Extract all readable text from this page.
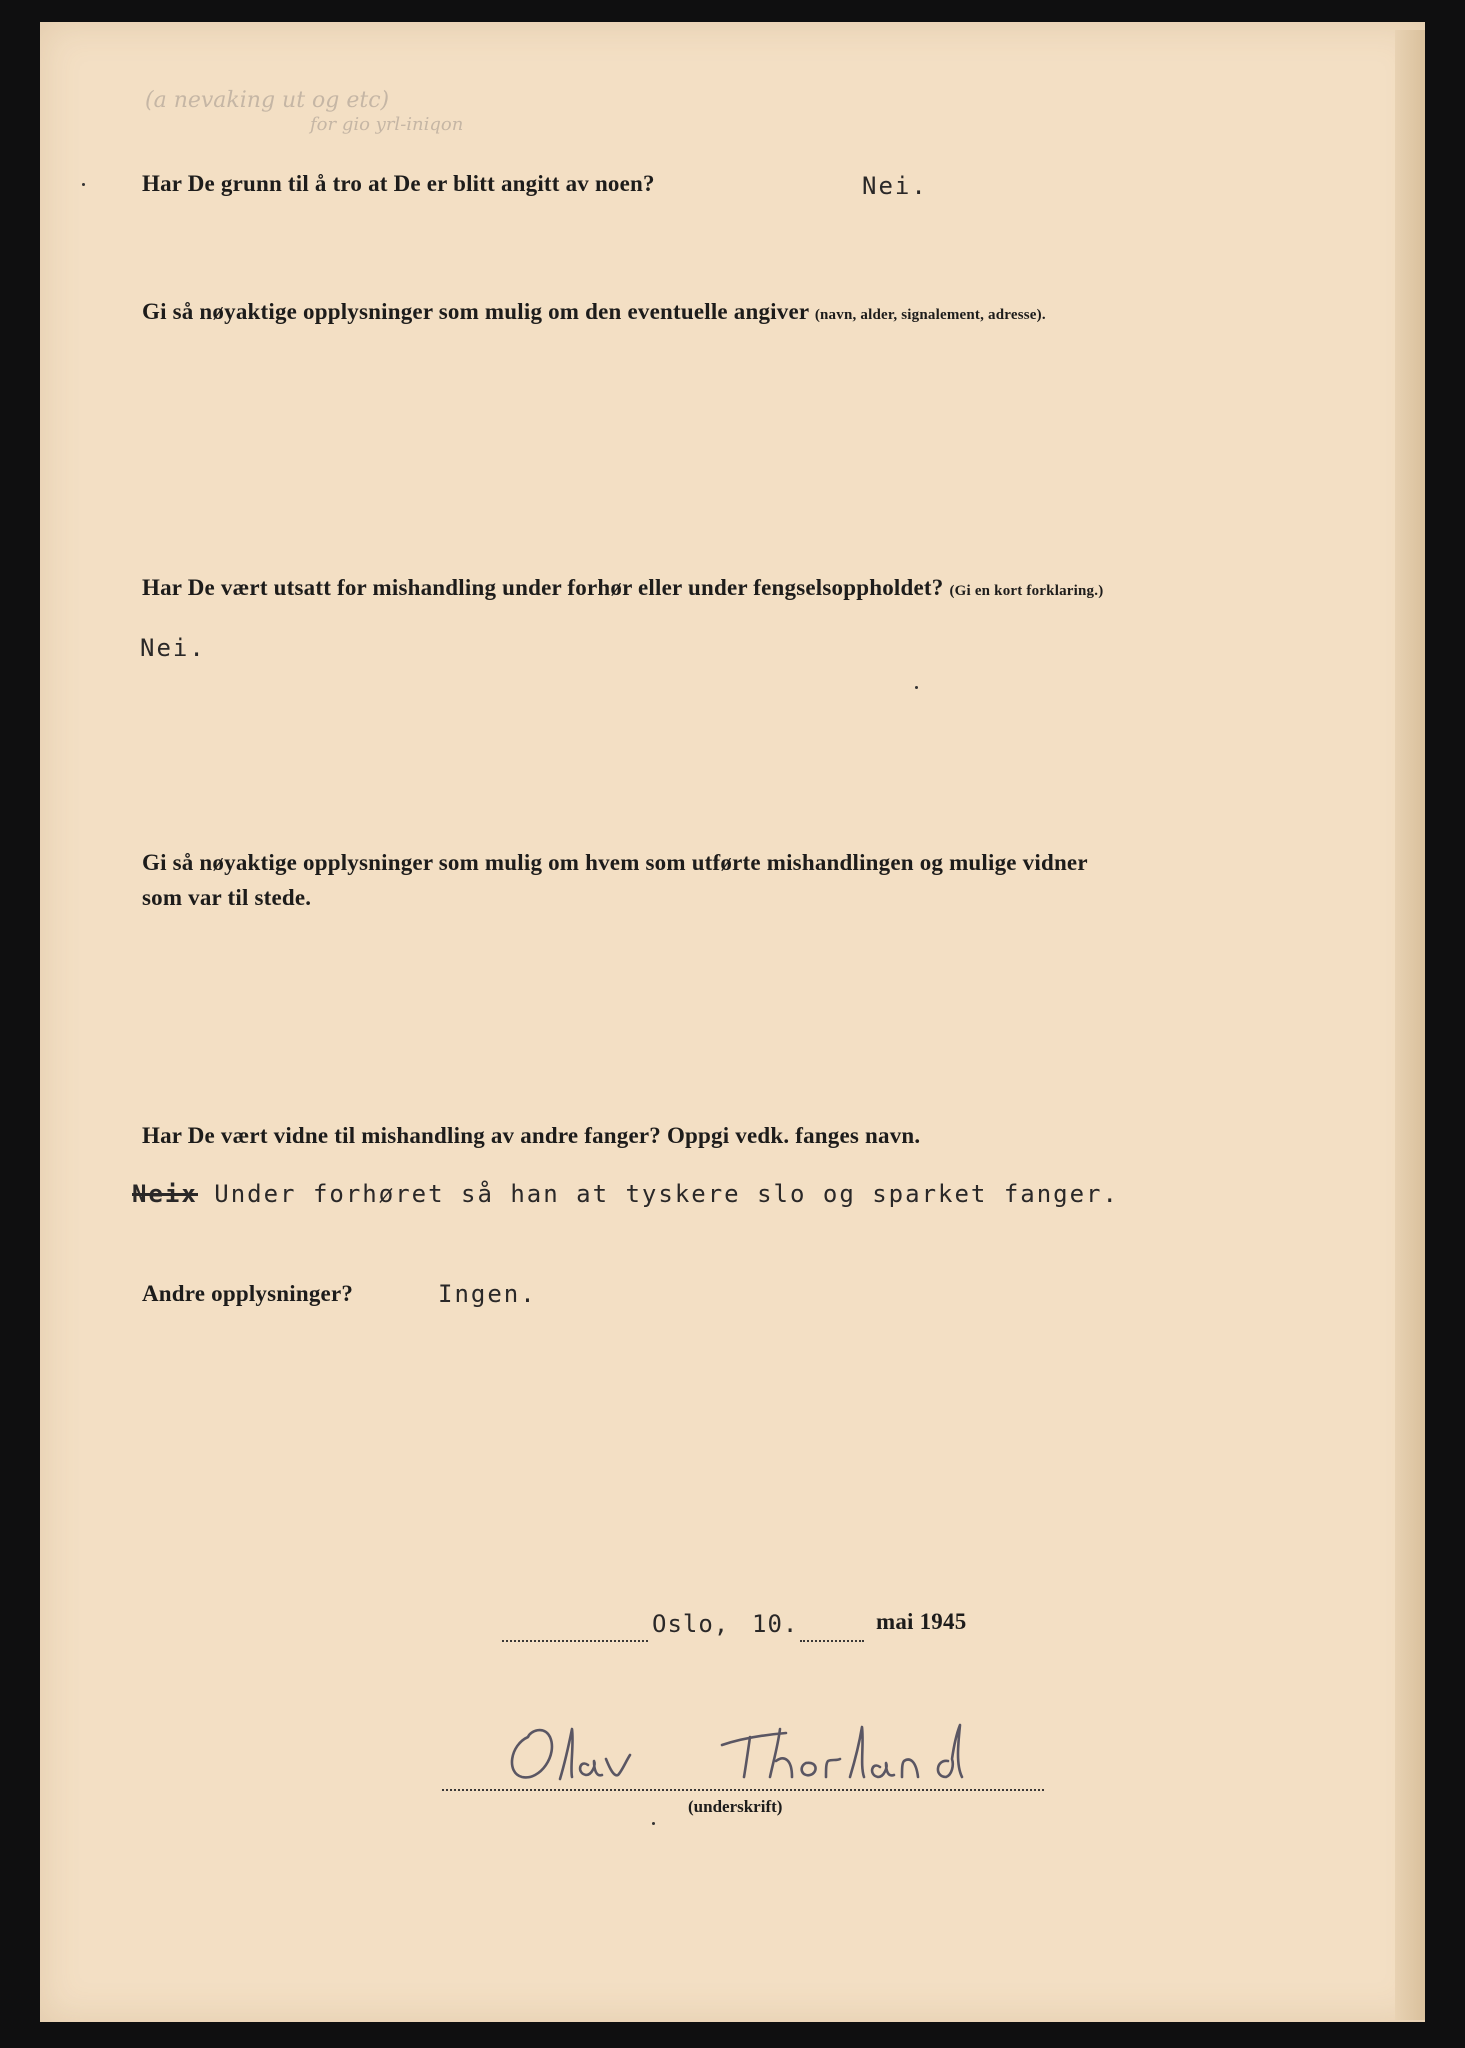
(a nevaking ut og etc)
for gio yrl-iniqon

Har De grunn til å tro at De er blitt angitt av noen?	Nei.

Gi så nøyaktige opplysninger som mulig om den eventuelle angiver (navn, alder, signalement, adresse).

Har De vært utsatt for mishandling under forhør eller under fengselsoppholdet? (Gi en kort forklaring.)

Nei.

Gi så nøyaktige opplysninger som mulig om hvem som utførte mishandlingen og mulige vidner

som var til stede.

Har De vært vidne til mishandling av andre fanger? Oppgi vedk. fanges navn.

Neix Under forhøret så han at tyskere slo og sparket fanger.

Andre opplysninger?	Ingen.
Oslo, 10.	mai 1945
(underskrift)
